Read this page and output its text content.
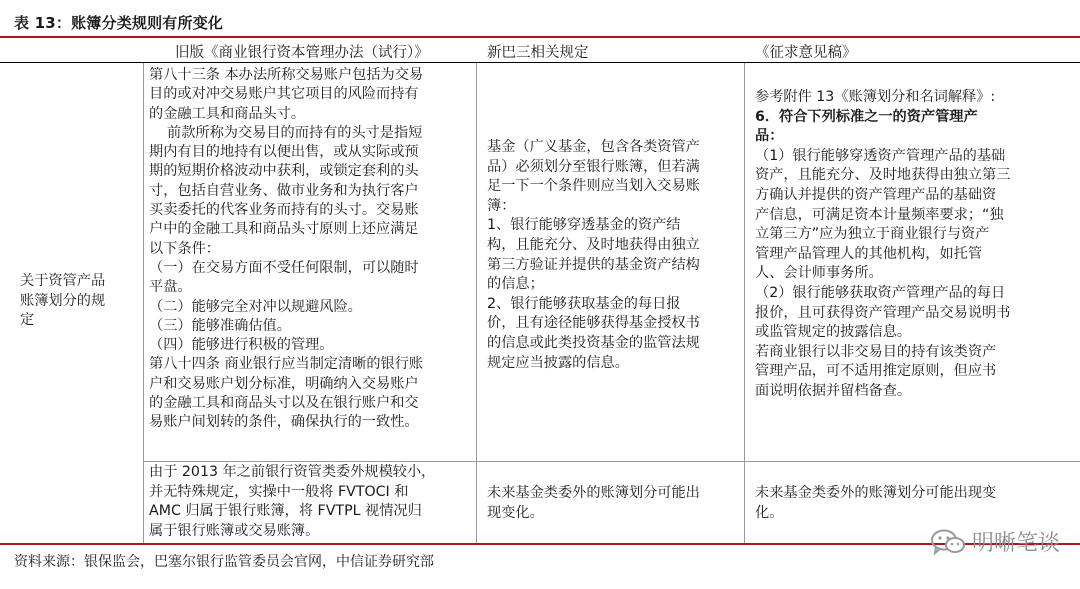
表 13：账簿分类规则有所变化
旧版《商业银行资本管理办法（试行）》	新巴三相关规定	《征求意见稿》

关于资管产品

账簿划分的规

定

第八十三条 本办法所称交易账户包括为交易

目的或对冲交易账户其它项目的风险而持有

的金融工具和商品头寸。

前款所称为交易目的而持有的头寸是指短

期内有目的地持有以便出售，或从实际或预

期的短期价格波动中获利，或锁定套利的头

寸，包括自营业务、做市业务和为执行客户

买卖委托的代客业务而持有的头寸。交易账

户中的金融工具和商品头寸原则上还应满足

以下条件：

（一）在交易方面不受任何限制，可以随时

平盘。

（二）能够完全对冲以规避风险。

（三）能够准确估值。

（四）能够进行积极的管理。

第八十四条 商业银行应当制定清晰的银行账

户和交易账户划分标准，明确纳入交易账户

的金融工具和商品头寸以及在银行账户和交

易账户间划转的条件，确保执行的一致性。

基金（广义基金，包含各类资管产

品）必须划分至银行账簿，但若满

足一下一个条件则应当划入交易账

簿：

1、银行能够穿透基金的资产结

构，且能充分、及时地获得由独立

第三方验证并提供的基金资产结构

的信息；

2、银行能够获取基金的每日报

价，且有途径能够获得基金授权书

的信息或此类投资基金的监管法规

规定应当披露的信息。

参考附件 13《账簿划分和名词解释》:

6．符合下列标准之一的资产管理产

品：

（1）银行能够穿透资产管理产品的基础

资产，且能充分、及时地获得由独立第三

方确认并提供的资产管理产品的基础资

产信息，可满足资本计量频率要求；“独

立第三方”应为独立于商业银行与资产

管理产品管理人的其他机构，如托管

人、会计师事务所。

（2）银行能够获取资产管理产品的每日

报价，且可获得资产管理产品交易说明书

或监管规定的披露信息。

若商业银行以非交易目的持有该类资产

管理产品，可不适用推定原则，但应书

面说明依据并留档备查。

由于 2013 年之前银行资管类委外规模较小，

并无特殊规定，实操中一般将 FVTOCI 和

AMC 归属于银行账簿，将 FVTPL 视情况归

属于银行账簿或交易账簿。

未来基金类委外的账簿划分可能出

现变化。

未来基金类委外的账簿划分可能出现变

化。

明晰笔谈
资料来源：银保监会，巴塞尔银行监管委员会官网，中信证券研究部
